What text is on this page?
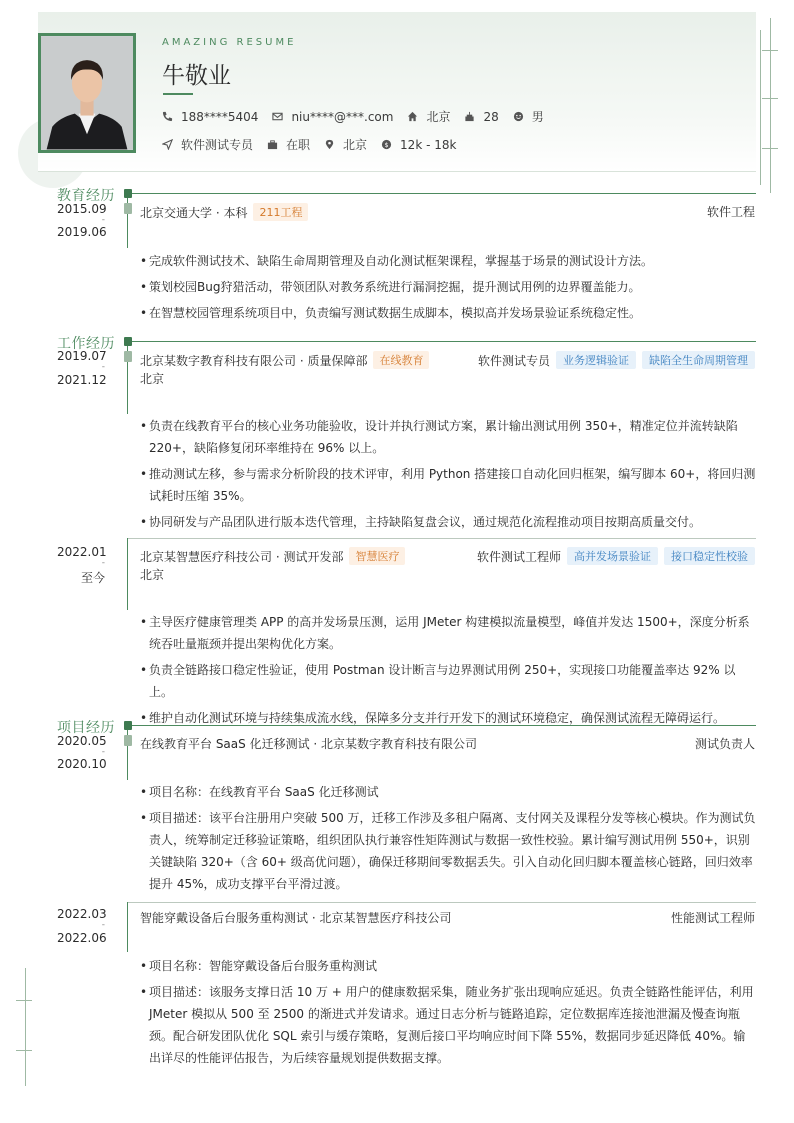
AMAZING RESUME
牛敬业
188****5404	niu****@***.com	北京	28	男
软件测试专员	在职	北京 $ 12k - 18k
教育经历
2015.09
-
2019.06
北京交通大学 · 本科	211工程	软件工程
• 完成软件测试技术、缺陷生命周期管理及自动化测试框架课程，掌握基于场景的测试设计方法。
• 策划校园Bug狩猎活动，带领团队对教务系统进行漏洞挖掘，提升测试用例的边界覆盖能力。
• 在智慧校园管理系统项目中，负责编写测试数据生成脚本，模拟高并发场景验证系统稳定性。
工作经历
2019.07
-
2021.12
北京某数字教育科技有限公司 · 质量保障部	在线教育	软件测试专员	业务逻辑验证	缺陷全生命周期管理
北京
• 负责在线教育平台的核心业务功能验收，设计并执行测试方案，累计输出测试用例 350+，精准定位并流转缺陷 220+，缺陷修复闭环率维持在 96% 以上。
• 推动测试左移，参与需求分析阶段的技术评审，利用 Python 搭建接口自动化回归框架，编写脚本 60+，将回归测试耗时压缩 35%。
• 协同研发与产品团队进行版本迭代管理，主持缺陷复盘会议，通过规范化流程推动项目按期高质量交付。
2022.01
-
至今
北京某智慧医疗科技公司 · 测试开发部	智慧医疗	软件测试工程师	高并发场景验证	接口稳定性校验
北京
• 主导医疗健康管理类 APP 的高并发场景压测，运用 JMeter 构建模拟流量模型，峰值并发达 1500+，深度分析系统吞吐量瓶颈并提出架构优化方案。
• 负责全链路接口稳定性验证，使用 Postman 设计断言与边界测试用例 250+，实现接口功能覆盖率达 92% 以上。
• 维护自动化测试环境与持续集成流水线，保障多分支并行开发下的测试环境稳定，确保测试流程无障碍运行。
项目经历
2020.05
-
2020.10
在线教育平台 SaaS 化迁移测试 · 北京某数字教育科技有限公司	测试负责人
• 项目名称：在线教育平台 SaaS 化迁移测试
• 项目描述：该平台注册用户突破 500 万，迁移工作涉及多租户隔离、支付网关及课程分发等核心模块。作为测试负责人，统筹制定迁移验证策略，组织团队执行兼容性矩阵测试与数据一致性校验。累计编写测试用例 550+，识别关键缺陷 320+（含 60+ 级高优问题），确保迁移期间零数据丢失。引入自动化回归脚本覆盖核心链路，回归效率提升 45%，成功支撑平台平滑过渡。
2022.03
-
2022.06
智能穿戴设备后台服务重构测试 · 北京某智慧医疗科技公司	性能测试工程师
• 项目名称：智能穿戴设备后台服务重构测试
• 项目描述：该服务支撑日活 10 万 + 用户的健康数据采集，随业务扩张出现响应延迟。负责全链路性能评估，利用 JMeter 模拟从 500 至 2500 的渐进式并发请求。通过日志分析与链路追踪，定位数据库连接池泄漏及慢查询瓶颈。配合研发团队优化 SQL 索引与缓存策略，复测后接口平均响应时间下降 55%，数据同步延迟降低 40%。输出详尽的性能评估报告，为后续容量规划提供数据支撑。
